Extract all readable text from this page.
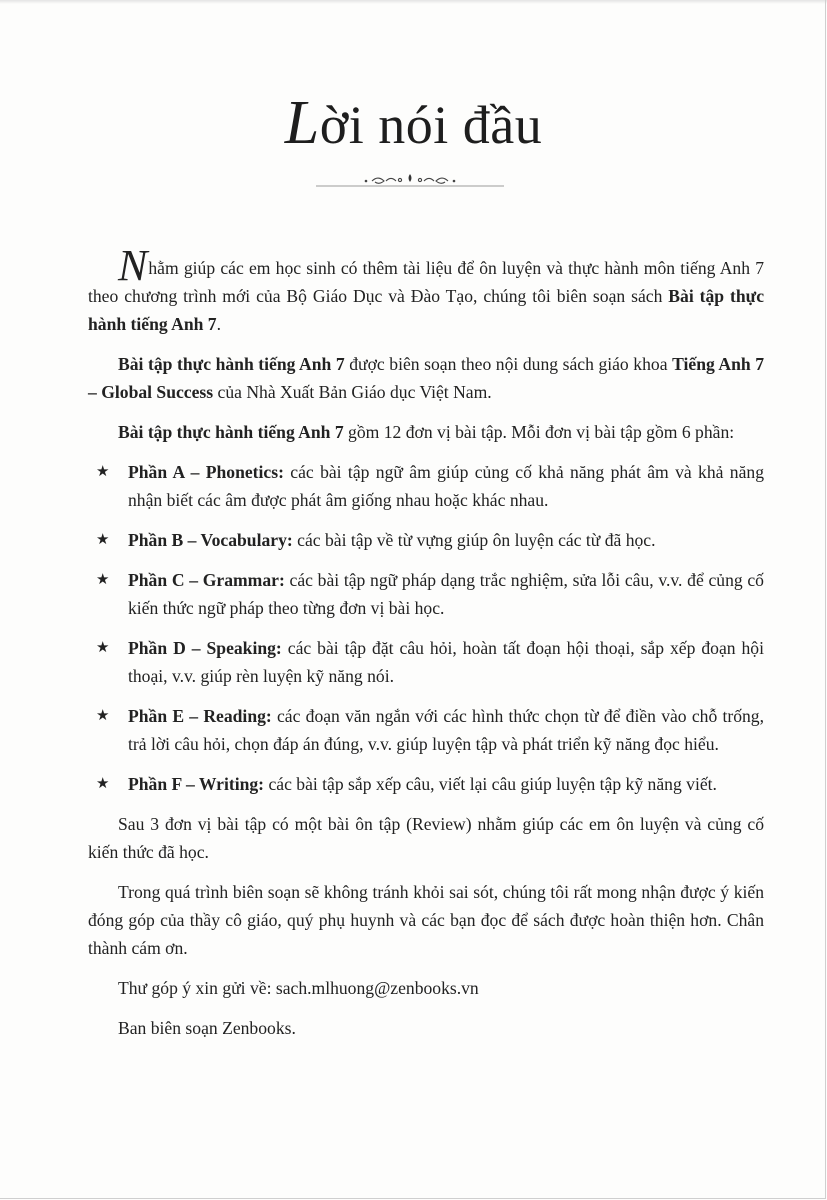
Lời nói đầu

Nhằm giúp các em học sinh có thêm tài liệu để ôn luyện và thực hành môn tiếng Anh 7 theo chương trình mới của Bộ Giáo Dục và Đào Tạo, chúng tôi biên soạn sách Bài tập thực hành tiếng Anh 7.

Bài tập thực hành tiếng Anh 7 được biên soạn theo nội dung sách giáo khoa Tiếng Anh 7 – Global Success của Nhà Xuất Bản Giáo dục Việt Nam.

Bài tập thực hành tiếng Anh 7 gồm 12 đơn vị bài tập. Mỗi đơn vị bài tập gồm 6 phần:

★ Phần A – Phonetics: các bài tập ngữ âm giúp củng cố khả năng phát âm và khả năng nhận biết các âm được phát âm giống nhau hoặc khác nhau.
★ Phần B – Vocabulary: các bài tập về từ vựng giúp ôn luyện các từ đã học.
★ Phần C – Grammar: các bài tập ngữ pháp dạng trắc nghiệm, sửa lỗi câu, v.v. để củng cố kiến thức ngữ pháp theo từng đơn vị bài học.
★ Phần D – Speaking: các bài tập đặt câu hỏi, hoàn tất đoạn hội thoại, sắp xếp đoạn hội thoại, v.v. giúp rèn luyện kỹ năng nói.
★ Phần E – Reading: các đoạn văn ngắn với các hình thức chọn từ để điền vào chỗ trống, trả lời câu hỏi, chọn đáp án đúng, v.v. giúp luyện tập và phát triển kỹ năng đọc hiểu.
★ Phần F – Writing: các bài tập sắp xếp câu, viết lại câu giúp luyện tập kỹ năng viết.

Sau 3 đơn vị bài tập có một bài ôn tập (Review) nhằm giúp các em ôn luyện và củng cố kiến thức đã học.

Trong quá trình biên soạn sẽ không tránh khỏi sai sót, chúng tôi rất mong nhận được ý kiến đóng góp của thầy cô giáo, quý phụ huynh và các bạn đọc để sách được hoàn thiện hơn. Chân thành cám ơn.

Thư góp ý xin gửi về: sach.mlhuong@zenbooks.vn

Ban biên soạn Zenbooks.
